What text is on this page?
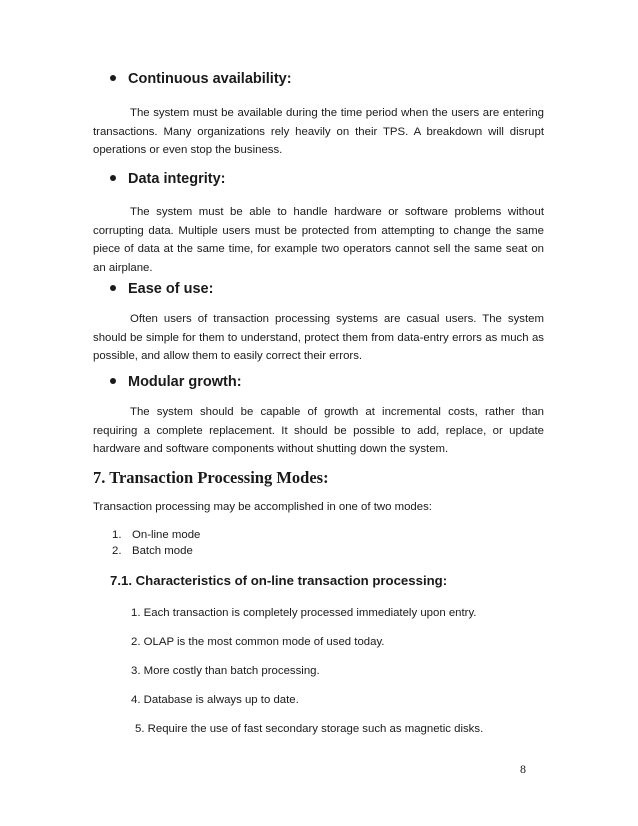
Continuous availability:

The system must be available during the time period when the users are entering transactions. Many organizations rely heavily on their TPS. A breakdown will disrupt operations or even stop the business.

Data integrity:

The system must be able to handle hardware or software problems without corrupting data. Multiple users must be protected from attempting to change the same piece of data at the same time, for example two operators cannot sell the same seat on an airplane.

Ease of use:

Often users of transaction processing systems are casual users. The system should be simple for them to understand, protect them from data-entry errors as much as possible, and allow them to easily correct their errors.

Modular growth:

The system should be capable of growth at incremental costs, rather than requiring a complete replacement. It should be possible to add, replace, or update hardware and software components without shutting down the system.

7. Transaction Processing Modes:
Transaction processing may be accomplished in one of two modes:
1. On-line mode
2. Batch mode
7.1. Characteristics of on-line transaction processing:
1. Each transaction is completely processed immediately upon entry.
2. OLAP is the most common mode of used today.
3. More costly than batch processing.
4. Database is always up to date.
5. Require the use of fast secondary storage such as magnetic disks.
8
